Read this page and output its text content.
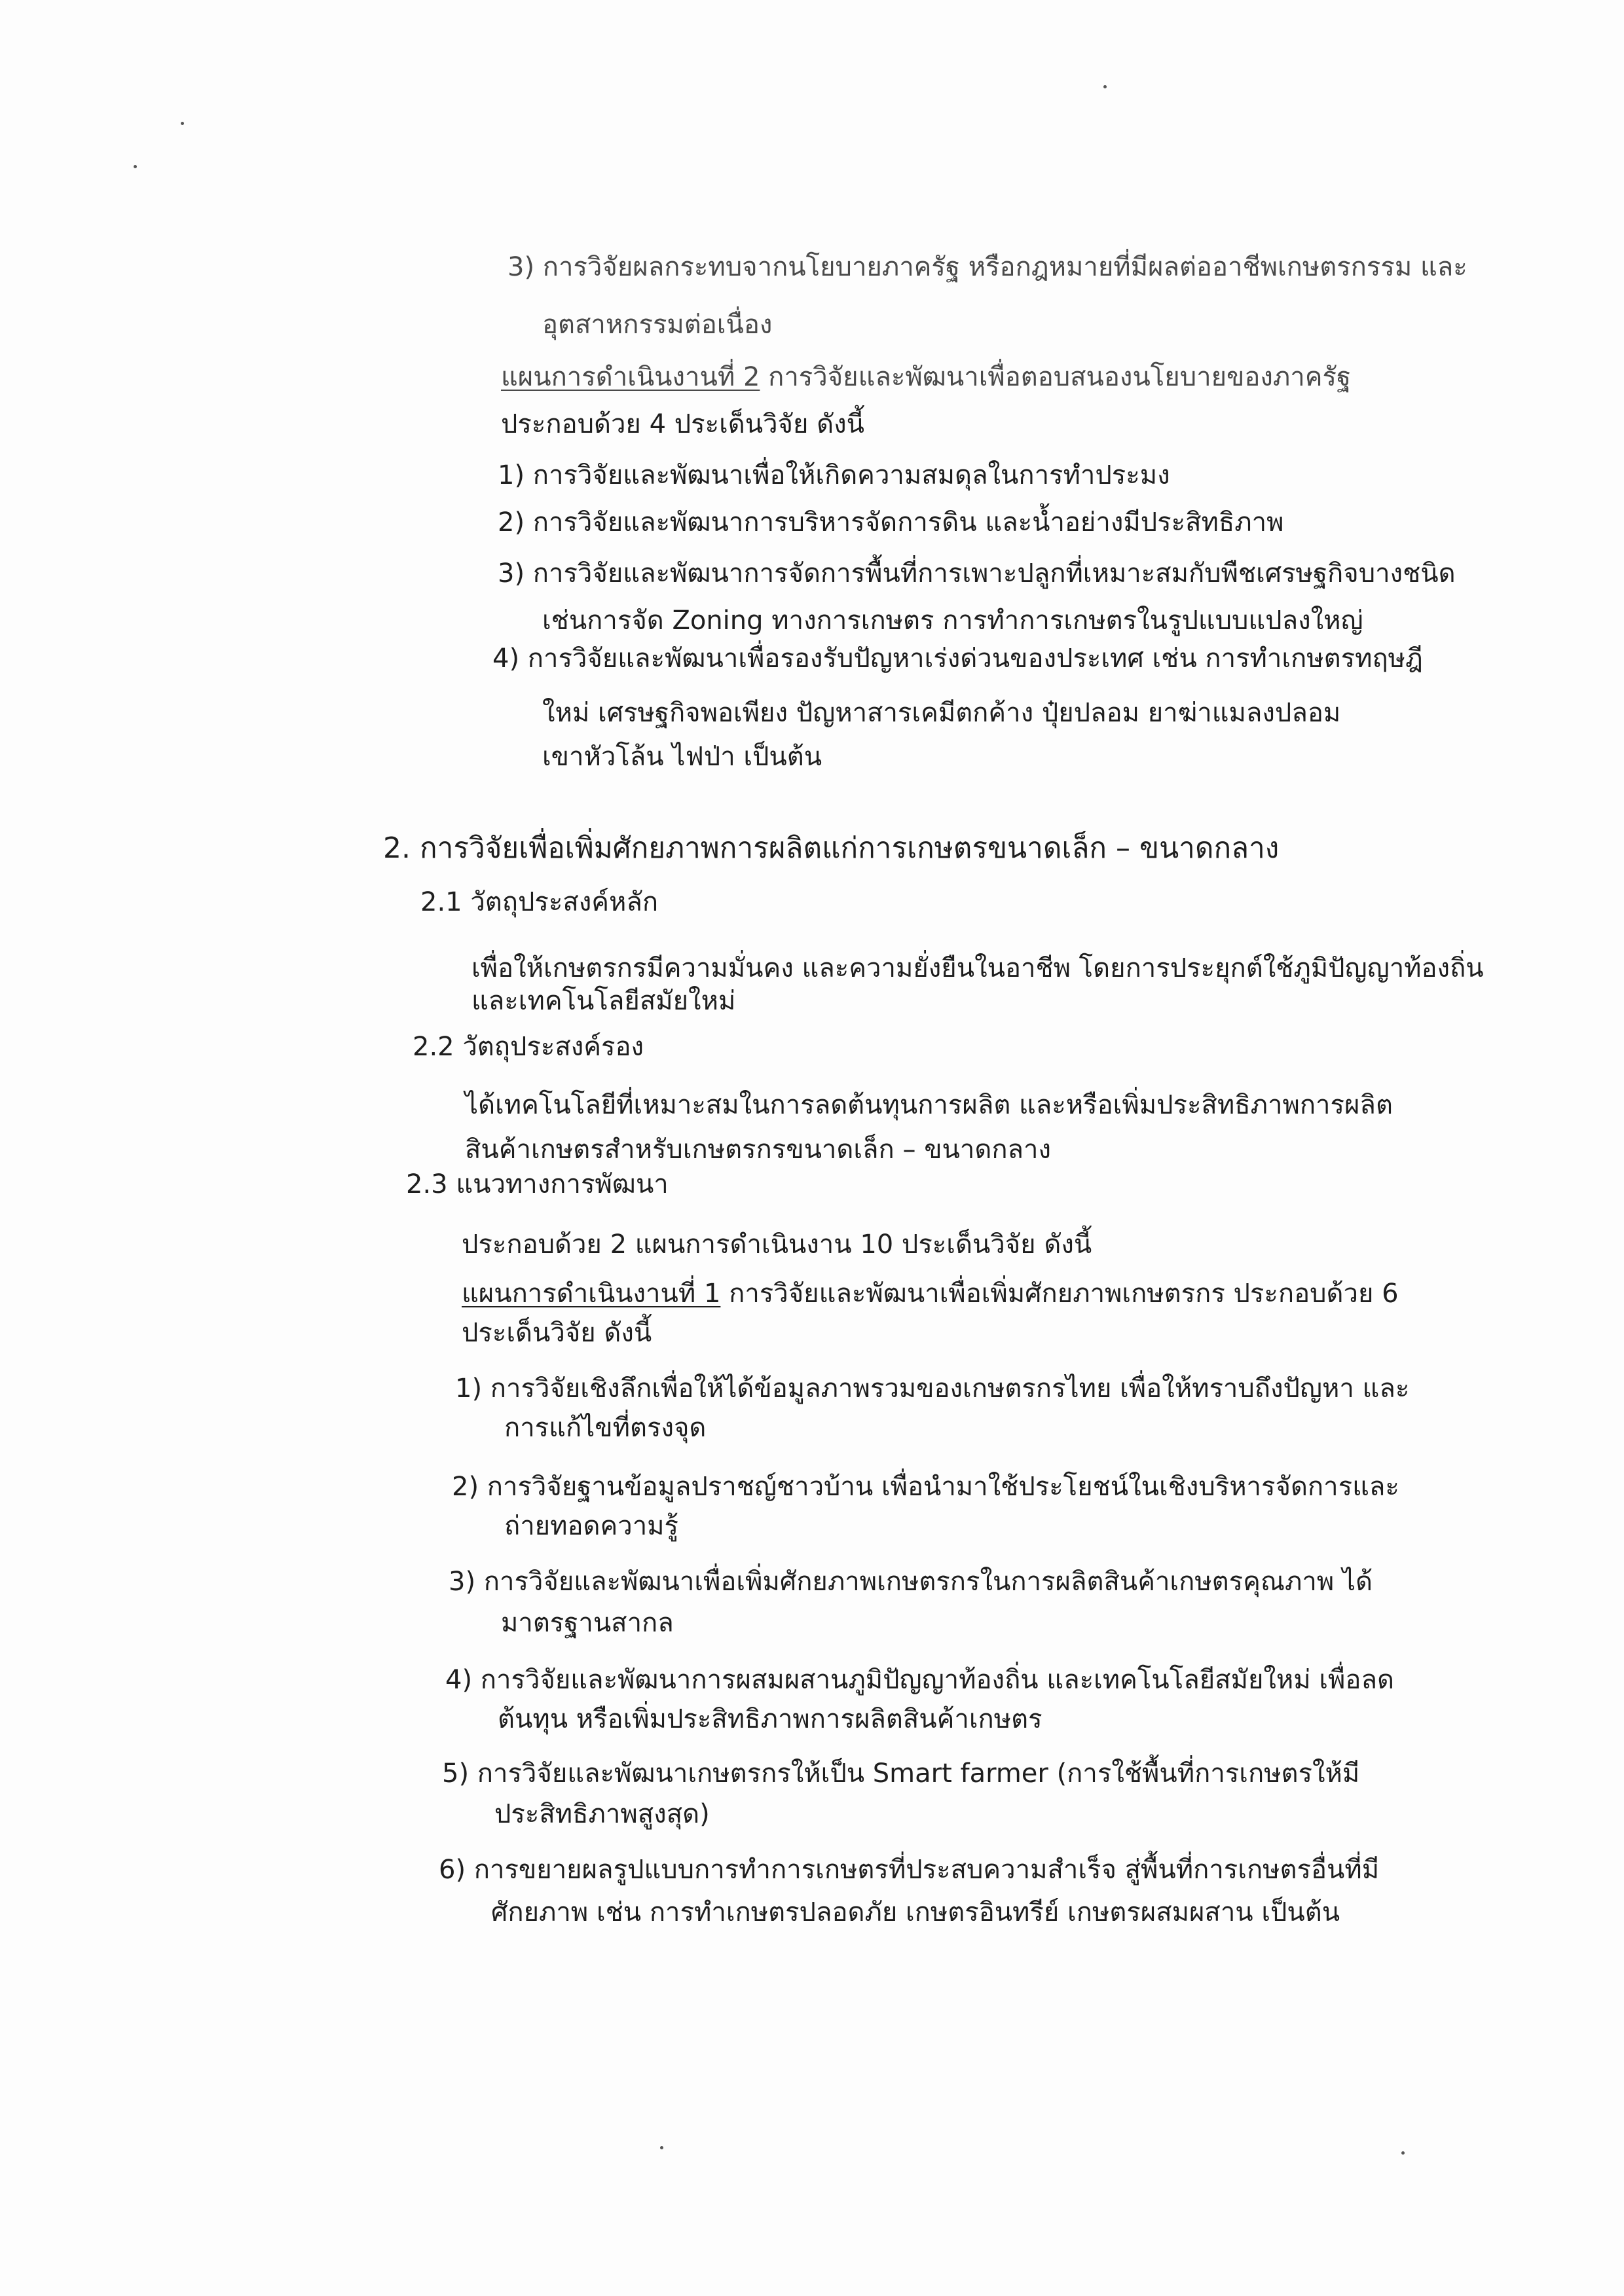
3) การวิจัยผลกระทบจากนโยบายภาครัฐ หรือกฎหมายที่มีผลต่ออาชีพเกษตรกรรม และ
อุตสาหกรรมต่อเนื่อง
แผนการดำเนินงานที่ 2 การวิจัยและพัฒนาเพื่อตอบสนองนโยบายของภาครัฐ
ประกอบด้วย 4 ประเด็นวิจัย ดังนี้
1) การวิจัยและพัฒนาเพื่อให้เกิดความสมดุลในการทำประมง
2) การวิจัยและพัฒนาการบริหารจัดการดิน และน้ำอย่างมีประสิทธิภาพ
3) การวิจัยและพัฒนาการจัดการพื้นที่การเพาะปลูกที่เหมาะสมกับพืชเศรษฐกิจบางชนิด
เช่นการจัด Zoning ทางการเกษตร การทำการเกษตรในรูปแบบแปลงใหญ่
4) การวิจัยและพัฒนาเพื่อรองรับปัญหาเร่งด่วนของประเทศ เช่น การทำเกษตรทฤษฎี
ใหม่ เศรษฐกิจพอเพียง ปัญหาสารเคมีตกค้าง ปุ๋ยปลอม ยาฆ่าแมลงปลอม
เขาหัวโล้น ไฟป่า เป็นต้น
2. การวิจัยเพื่อเพิ่มศักยภาพการผลิตแก่การเกษตรขนาดเล็ก – ขนาดกลาง
2.1 วัตถุประสงค์หลัก
เพื่อให้เกษตรกรมีความมั่นคง และความยั่งยืนในอาชีพ โดยการประยุกต์ใช้ภูมิปัญญาท้องถิ่น
และเทคโนโลยีสมัยใหม่
2.2 วัตถุประสงค์รอง
ได้เทคโนโลยีที่เหมาะสมในการลดต้นทุนการผลิต และหรือเพิ่มประสิทธิภาพการผลิต
สินค้าเกษตรสำหรับเกษตรกรขนาดเล็ก – ขนาดกลาง
2.3 แนวทางการพัฒนา
ประกอบด้วย 2 แผนการดำเนินงาน 10 ประเด็นวิจัย ดังนี้
แผนการดำเนินงานที่ 1 การวิจัยและพัฒนาเพื่อเพิ่มศักยภาพเกษตรกร ประกอบด้วย 6
ประเด็นวิจัย ดังนี้
1) การวิจัยเชิงลึกเพื่อให้ได้ข้อมูลภาพรวมของเกษตรกรไทย เพื่อให้ทราบถึงปัญหา และ
การแก้ไขที่ตรงจุด
2) การวิจัยฐานข้อมูลปราชญ์ชาวบ้าน เพื่อนำมาใช้ประโยชน์ในเชิงบริหารจัดการและ
ถ่ายทอดความรู้
3) การวิจัยและพัฒนาเพื่อเพิ่มศักยภาพเกษตรกรในการผลิตสินค้าเกษตรคุณภาพ ได้
มาตรฐานสากล
4) การวิจัยและพัฒนาการผสมผสานภูมิปัญญาท้องถิ่น และเทคโนโลยีสมัยใหม่ เพื่อลด
ต้นทุน หรือเพิ่มประสิทธิภาพการผลิตสินค้าเกษตร
5) การวิจัยและพัฒนาเกษตรกรให้เป็น Smart farmer (การใช้พื้นที่การเกษตรให้มี
ประสิทธิภาพสูงสุด)
6) การขยายผลรูปแบบการทำการเกษตรที่ประสบความสำเร็จ สู่พื้นที่การเกษตรอื่นที่มี
ศักยภาพ เช่น การทำเกษตรปลอดภัย เกษตรอินทรีย์ เกษตรผสมผสาน เป็นต้น
